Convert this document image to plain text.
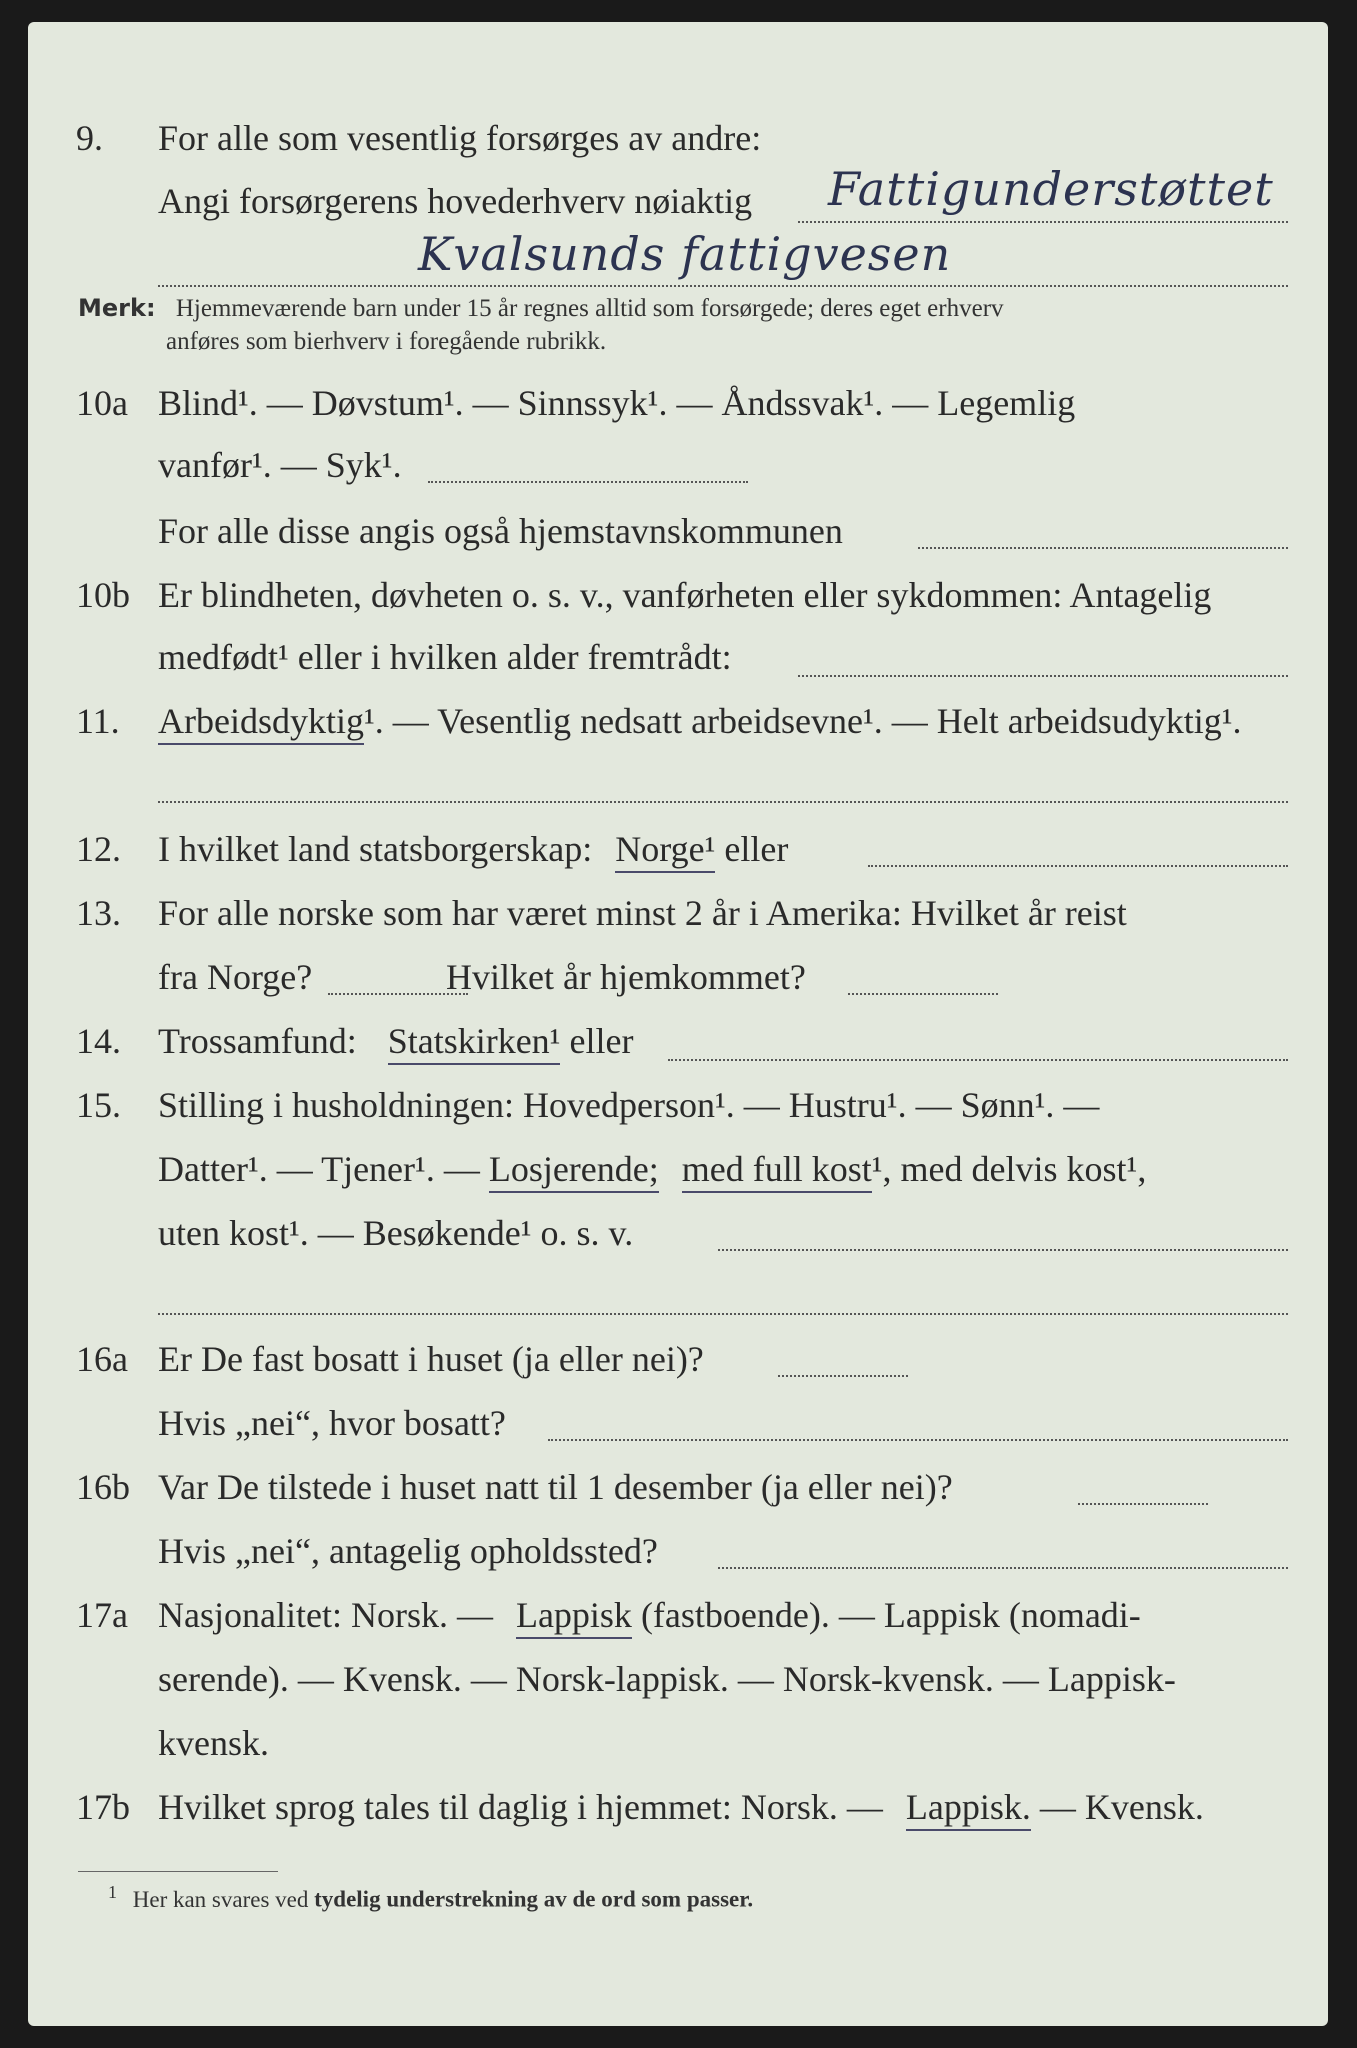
9. For alle som vesentlig forsørges av andre:
Angi forsørgerens hovederhverv nøiaktig Fattigunderstøttet
Kvalsunds fattigvesen
Merk: Hjemmeværende barn under 15 år regnes alltid som forsørgede; deres eget erhverv
anføres som bierhverv i foregående rubrikk.
10a Blind¹. — Døvstum¹. — Sinnssyk¹. — Åndssvak¹. — Legemlig
vanfør¹. — Syk¹.
For alle disse angis også hjemstavnskommunen
10b Er blindheten, døvheten o. s. v., vanførheten eller sykdommen: Antagelig
medfødt¹ eller i hvilken alder fremtrådt:
11. Arbeidsdyktig¹. — Vesentlig nedsatt arbeidsevne¹. — Helt arbeidsudyktig¹.
12. I hvilket land statsborgerskap: Norge¹ eller
13. For alle norske som har været minst 2 år i Amerika: Hvilket år reist
fra Norge?	Hvilket år hjemkommet?
14. Trossamfund: Statskirken¹ eller
15. Stilling i husholdningen: Hovedperson¹. — Hustru¹. — Sønn¹. —
Datter¹. — Tjener¹. — Losjerende; med full kost¹, med delvis kost¹,
uten kost¹. — Besøkende¹ o. s. v.
16a Er De fast bosatt i huset (ja eller nei)?
Hvis „nei“, hvor bosatt?
16b Var De tilstede i huset natt til 1 desember (ja eller nei)?
Hvis „nei“, antagelig opholdssted?
17a Nasjonalitet: Norsk. — Lappisk (fastboende). — Lappisk (nomadi-
serende). — Kvensk. — Norsk-lappisk. — Norsk-kvensk. — Lappisk-
kvensk.
17b Hvilket sprog tales til daglig i hjemmet: Norsk. — Lappisk. — Kvensk.
$^1$ Her kan svares ved tydelig understrekning av de ord som passer.
